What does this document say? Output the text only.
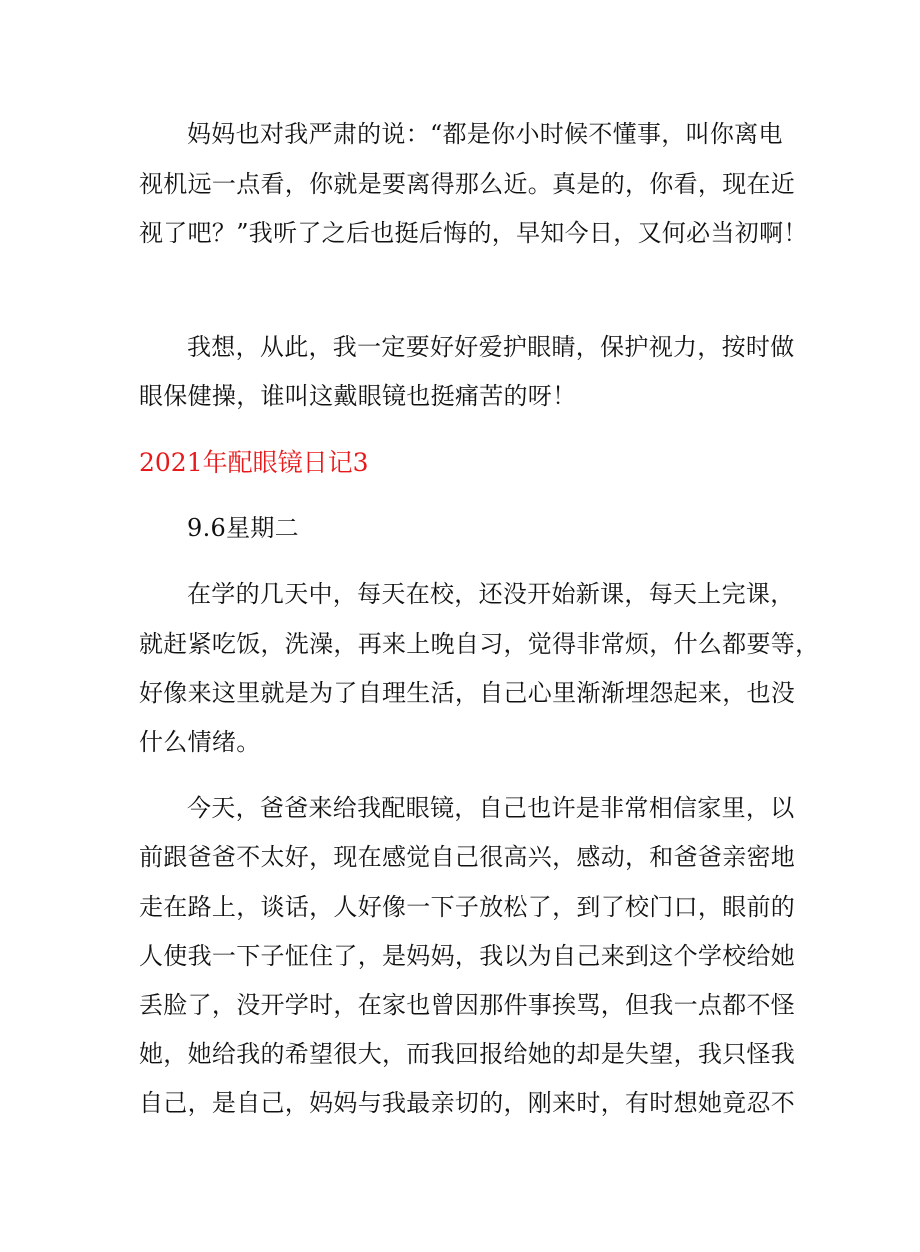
妈妈也对我严肃的说：“都是你小时候不懂事，叫你离电
视机远一点看，你就是要离得那么近。真是的，你看，现在近
视了吧？”我听了之后也挺后悔的，早知今日，又何必当初啊！
我想，从此，我一定要好好爱护眼睛，保护视力，按时做
眼保健操，谁叫这戴眼镜也挺痛苦的呀！
2021年配眼镜日记3
9.6星期二
在学的几天中，每天在校，还没开始新课，每天上完课，
就赶紧吃饭，洗澡，再来上晚自习，觉得非常烦，什么都要等，
好像来这里就是为了自理生活，自己心里渐渐埋怨起来，也没
什么情绪。
今天，爸爸来给我配眼镜，自己也许是非常相信家里，以
前跟爸爸不太好，现在感觉自己很高兴，感动，和爸爸亲密地
走在路上，谈话，人好像一下子放松了，到了校门口，眼前的
人使我一下子怔住了，是妈妈，我以为自己来到这个学校给她
丢脸了，没开学时，在家也曾因那件事挨骂，但我一点都不怪
她，她给我的希望很大，而我回报给她的却是失望，我只怪我
自己，是自己，妈妈与我最亲切的，刚来时，有时想她竟忍不
